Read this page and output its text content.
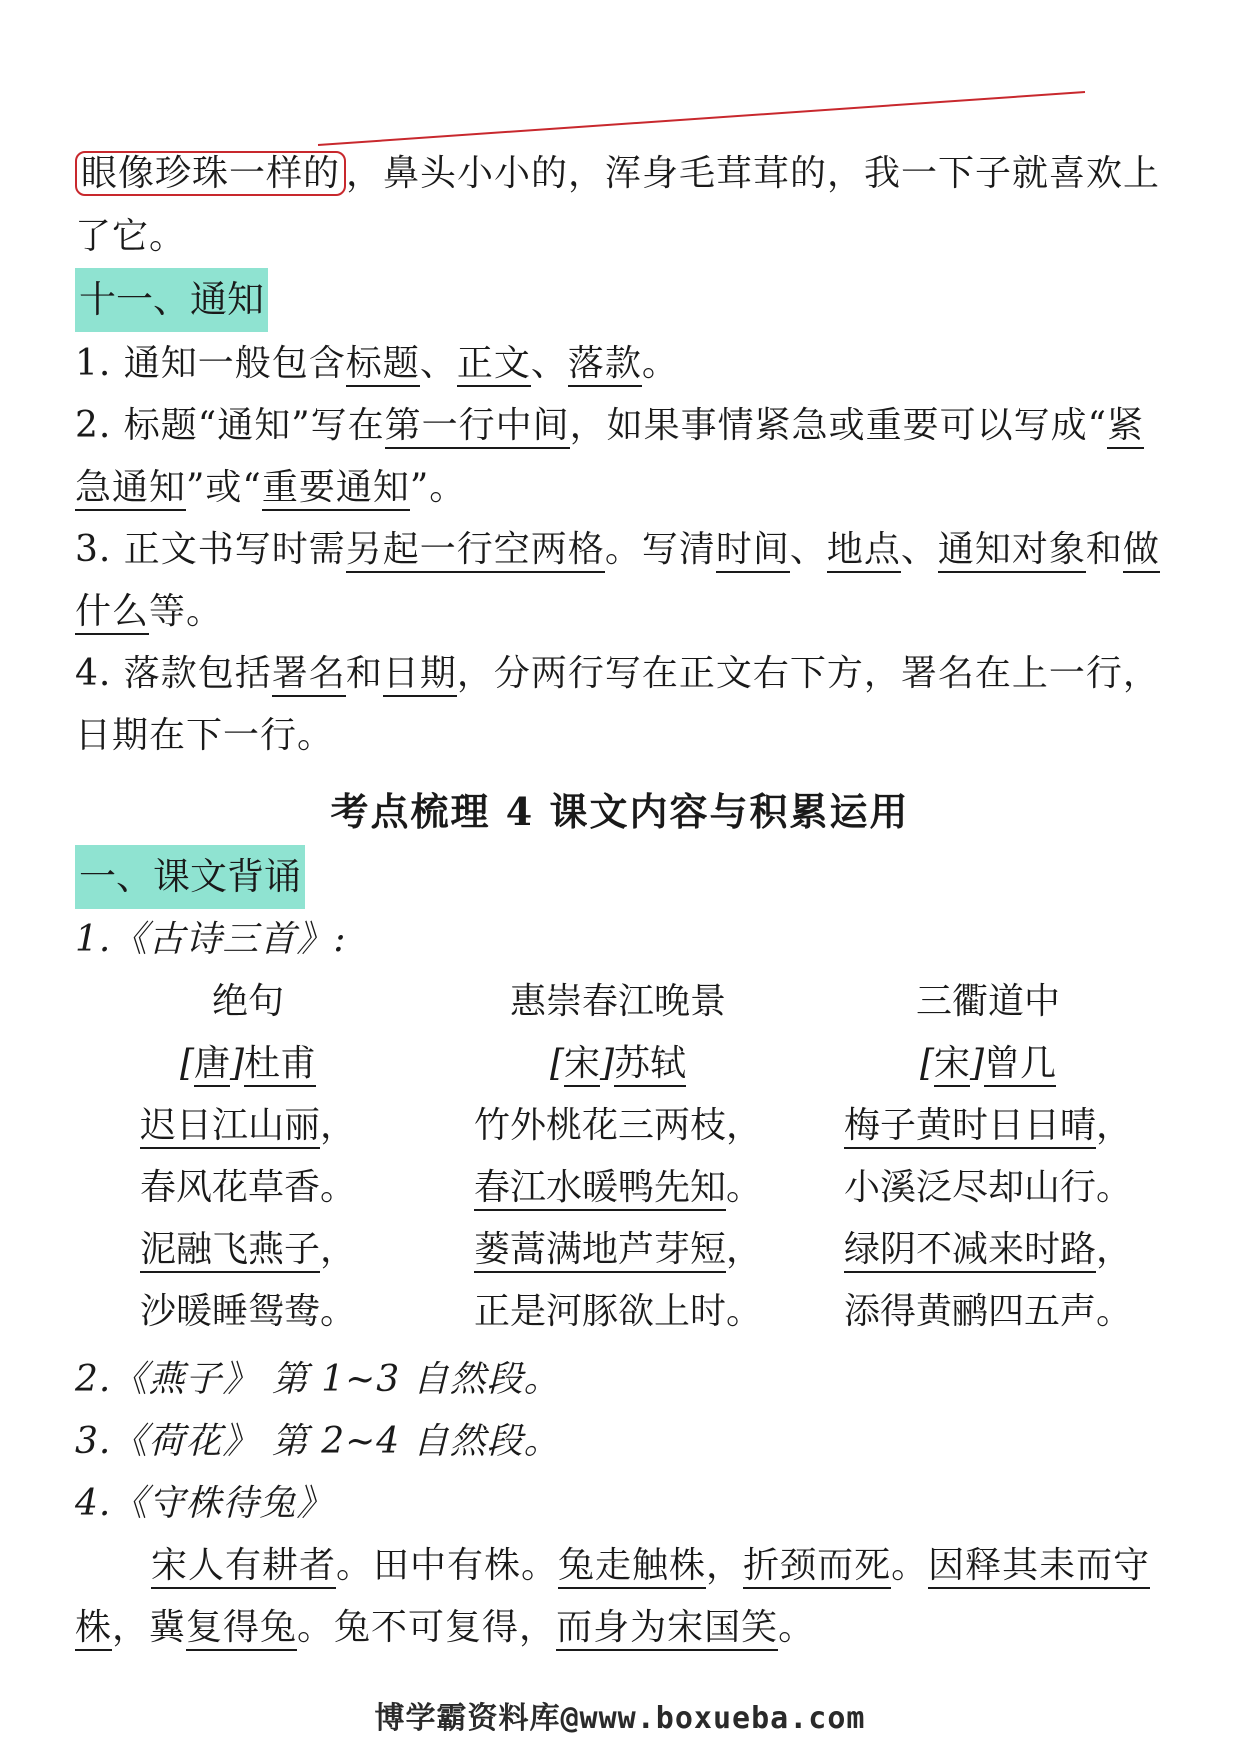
眼像珍珠一样的 ，鼻头小小的，浑身毛茸茸的，我一下子就喜欢上
了它。
十一、通知
1. 通知一般包含标题、正文、落款。
2. 标题“通知”写在第一行中间，如果事情紧急或重要可以写成“紧
急通知”或“重要通知”。
3. 正文书写时需另起一行空两格。写清时间、地点、通知对象和做
什么等。
4. 落款包括署名和日期，分两行写在正文右下方，署名在上一行，
日期在下一行。
考点梳理 4 课文内容与积累运用
一、课文背诵
1.《古诗三首》:
绝句
[唐]杜甫
迟日江山丽，
春风花草香。
泥融飞燕子，
沙暖睡鸳鸯。
惠崇春江晚景
[宋]苏轼
竹外桃花三两枝，
春江水暖鸭先知。
蒌蒿满地芦芽短，
正是河豚欲上时。
三衢道中
[宋]曾几
梅子黄时日日晴，
小溪泛尽却山行。
绿阴不减来时路，
添得黄鹂四五声。
2.《燕子》 第 1~3 自然段。
3.《荷花》 第 2~4 自然段。
4.《守株待兔》
宋人有耕者。田中有株。兔走触株，折颈而死。因释其耒而守
株，冀复得兔。兔不可复得，而身为宋国笑。
博学霸资料库@www.boxueba.com
